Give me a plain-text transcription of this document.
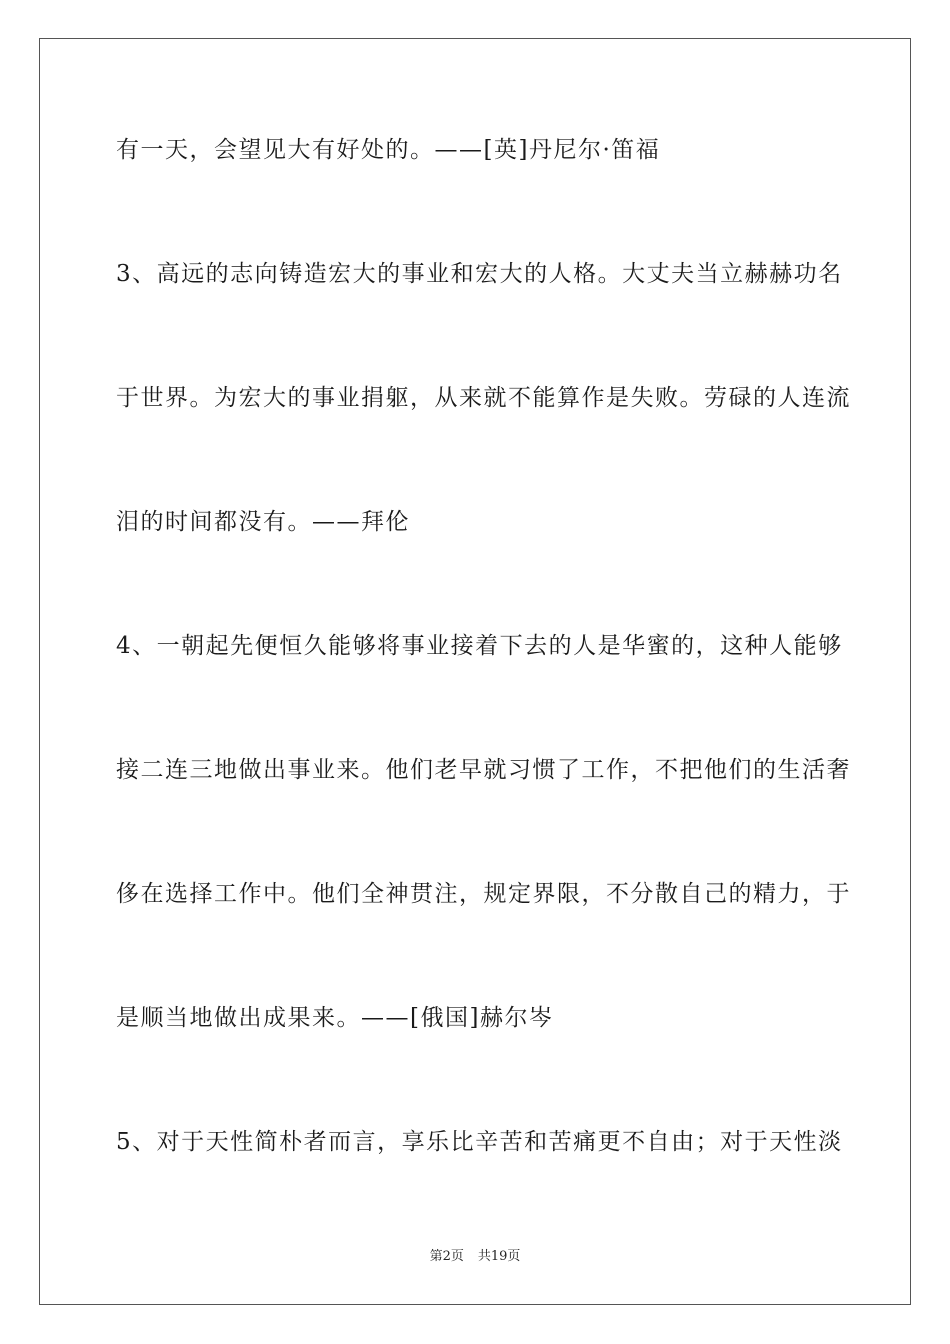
有一天，会望见大有好处的。——[英]丹尼尔·笛福
3、高远的志向铸造宏大的事业和宏大的人格。大丈夫当立赫赫功名
于世界。为宏大的事业捐躯，从来就不能算作是失败。劳碌的人连流
泪的时间都没有。——拜伦
4、一朝起先便恒久能够将事业接着下去的人是华蜜的，这种人能够
接二连三地做出事业来。他们老早就习惯了工作，不把他们的生活奢
侈在选择工作中。他们全神贯注，规定界限，不分散自己的精力，于
是顺当地做出成果来。——[俄国]赫尔岑
5、对于天性简朴者而言，享乐比辛苦和苦痛更不自由；对于天性淡
第2页 共19页
